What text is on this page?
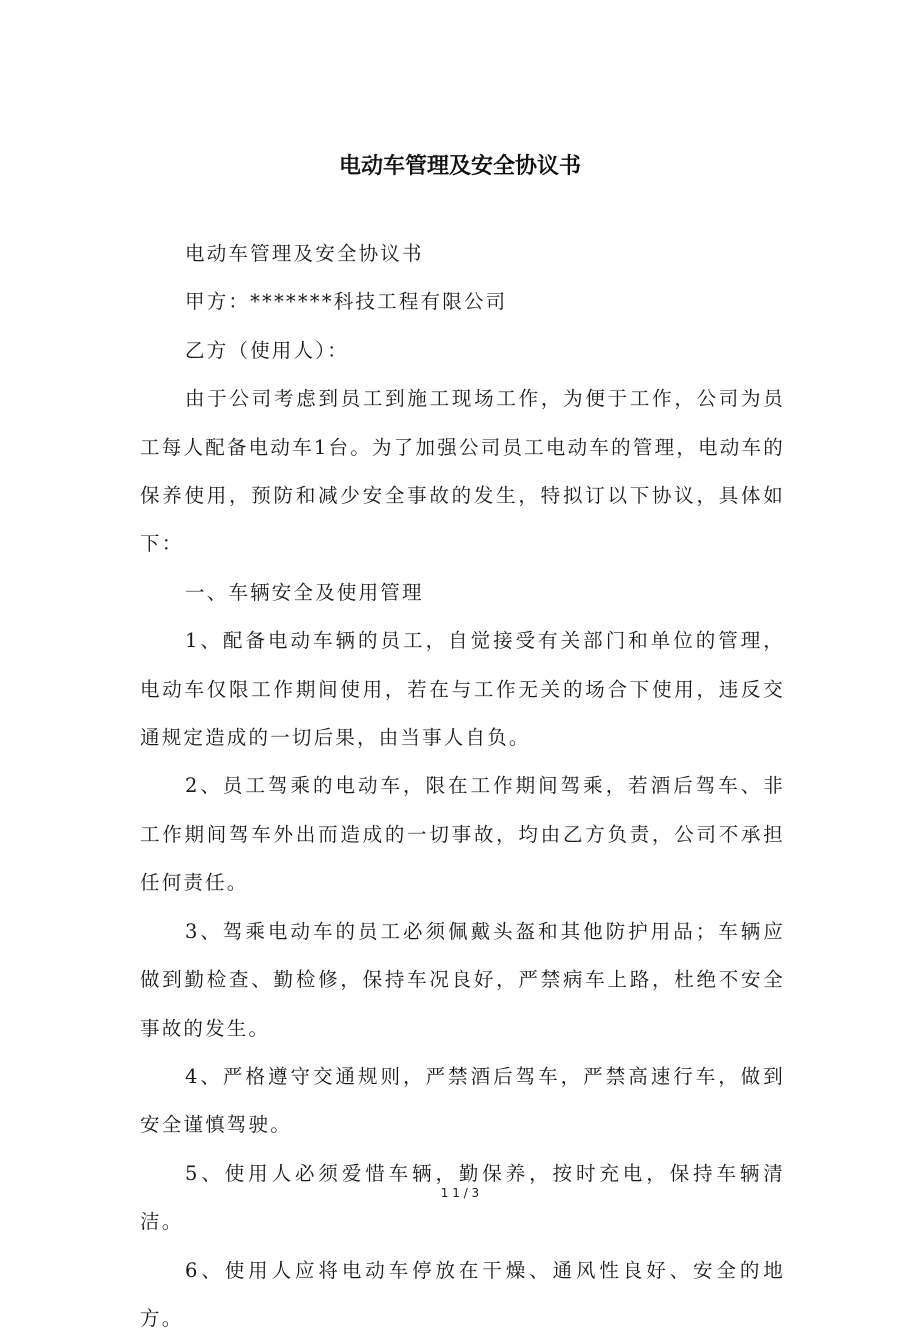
电动车管理及安全协议书

电动车管理及安全协议书

甲方：*******科技工程有限公司

乙方（使用人）：

由于公司考虑到员工到施工现场工作，为便于工作，公司为员工每人配备电动车1台。为了加强公司员工电动车的管理，电动车的保养使用，预防和减少安全事故的发生，特拟订以下协议，具体如下：

一、车辆安全及使用管理

1、配备电动车辆的员工，自觉接受有关部门和单位的管理，电动车仅限工作期间使用，若在与工作无关的场合下使用，违反交通规定造成的一切后果，由当事人自负。

2、员工驾乘的电动车，限在工作期间驾乘，若酒后驾车、非工作期间驾车外出而造成的一切事故，均由乙方负责，公司不承担任何责任。

3、驾乘电动车的员工必须佩戴头盔和其他防护用品；车辆应做到勤检查、勤检修，保持车况良好，严禁病车上路，杜绝不安全事故的发生。

4、严格遵守交通规则，严禁酒后驾车，严禁高速行车，做到安全谨慎驾驶。

5、使用人必须爱惜车辆，勤保养，按时充电，保持车辆清洁。

6、使用人应将电动车停放在干燥、通风性良好、安全的地方。

1 1 / 3
